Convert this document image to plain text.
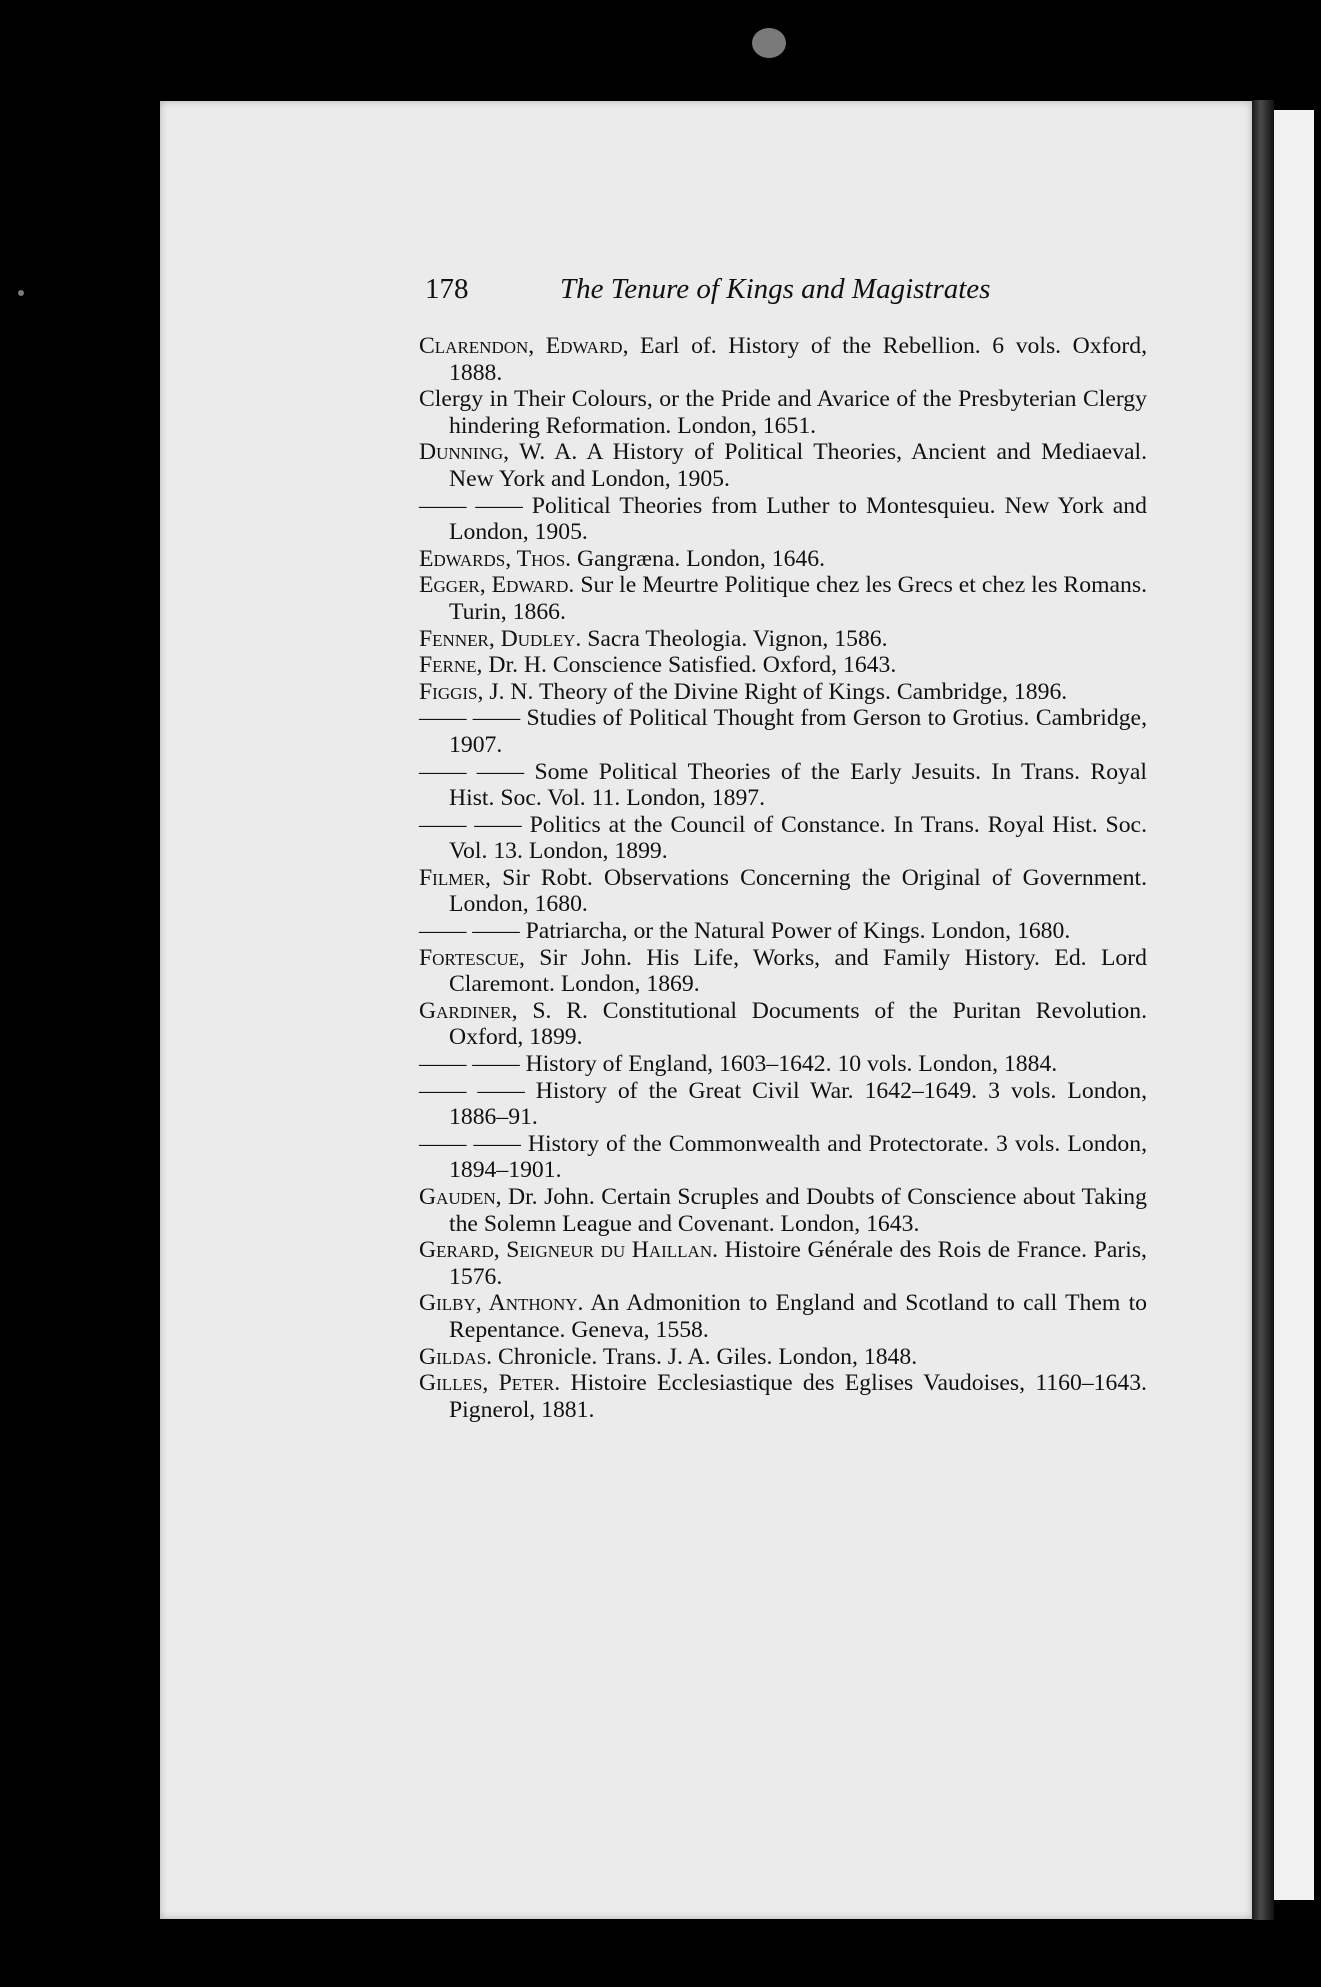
178	The Tenure of Kings and Magistrates
Clarendon, Edward, Earl of. History of the Rebellion. 6 vols. Oxford, 1888.
Clergy in Their Colours, or the Pride and Avarice of the Presbyterian Clergy hindering Reformation. London, 1651.
Dunning, W. A. A History of Political Theories, Ancient and Mediaeval. New York and London, 1905.
—— —— Political Theories from Luther to Montesquieu. New York and London, 1905.
Edwards, Thos. Gangræna. London, 1646.
Egger, Edward. Sur le Meurtre Politique chez les Grecs et chez les Romans. Turin, 1866.
Fenner, Dudley. Sacra Theologia. Vignon, 1586.
Ferne, Dr. H. Conscience Satisfied. Oxford, 1643.
Figgis, J. N. Theory of the Divine Right of Kings. Cambridge, 1896.
—— —— Studies of Political Thought from Gerson to Grotius. Cambridge, 1907.
—— —— Some Political Theories of the Early Jesuits. In Trans. Royal Hist. Soc. Vol. 11. London, 1897.
—— —— Politics at the Council of Constance. In Trans. Royal Hist. Soc. Vol. 13. London, 1899.
Filmer, Sir Robt. Observations Concerning the Original of Government. London, 1680.
—— —— Patriarcha, or the Natural Power of Kings. London, 1680.
Fortescue, Sir John. His Life, Works, and Family History. Ed. Lord Claremont. London, 1869.
Gardiner, S. R. Constitutional Documents of the Puritan Revolution. Oxford, 1899.
—— —— History of England, 1603–1642. 10 vols. London, 1884.
—— —— History of the Great Civil War. 1642–1649. 3 vols. London, 1886–91.
—— —— History of the Commonwealth and Protectorate. 3 vols. London, 1894–1901.
Gauden, Dr. John. Certain Scruples and Doubts of Conscience about Taking the Solemn League and Covenant. London, 1643.
Gerard, Seigneur du Haillan. Histoire Générale des Rois de France. Paris, 1576.
Gilby, Anthony. An Admonition to England and Scotland to call Them to Repentance. Geneva, 1558.
Gildas. Chronicle. Trans. J. A. Giles. London, 1848.
Gilles, Peter. Histoire Ecclesiastique des Eglises Vaudoises, 1160–1643. Pignerol, 1881.
